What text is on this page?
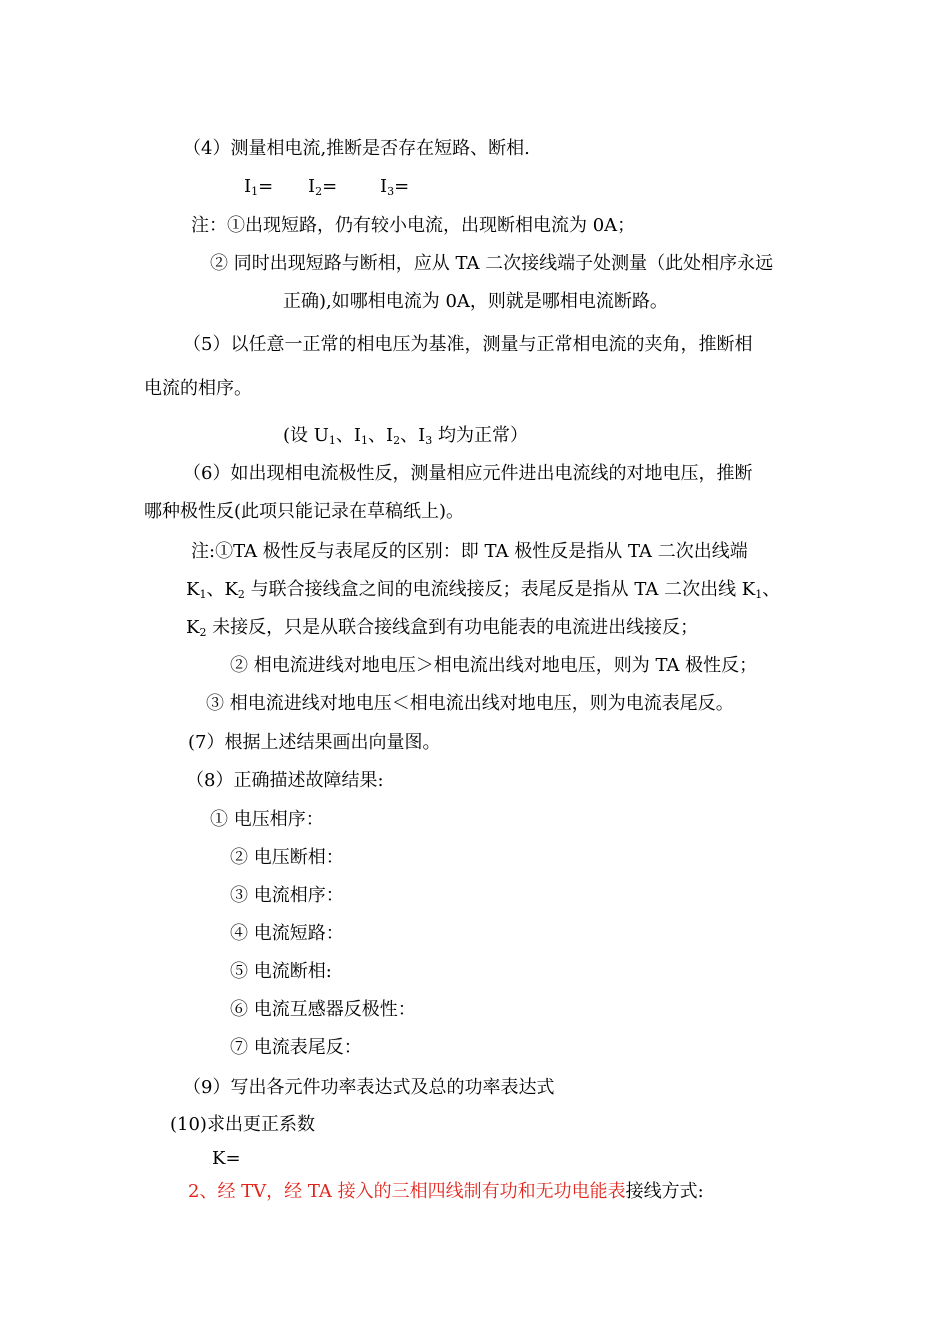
（4）测量相电流,推断是否存在短路、断相.
$I_1= I_2= I_3=$
注：①出现短路，仍有较小电流，出现断相电流为 0A；
② 同时出现短路与断相，应从 TA 二次接线端子处测量（此处相序永远
正确),如哪相电流为 0A，则就是哪相电流断路。
（5）以任意一正常的相电压为基准，测量与正常相电流的夹角，推断相
电流的相序。
(设 $U_1$、$I_1$、$I_2$、$I_3$ 均为正常）
（6）如出现相电流极性反，测量相应元件进出电流线的对地电压，推断
哪种极性反(此项只能记录在草稿纸上)。
注:①TA 极性反与表尾反的区别：即 TA 极性反是指从 TA 二次出线端
$K_1$、$K_2$ 与联合接线盒之间的电流线接反；表尾反是指从 TA 二次出线 $K_1$、
$K_2$ 未接反，只是从联合接线盒到有功电能表的电流进出线接反；
② 相电流进线对地电压＞相电流出线对地电压，则为 TA 极性反；
③ 相电流进线对地电压＜相电流出线对地电压，则为电流表尾反。
(7）根据上述结果画出向量图。
（8）正确描述故障结果:
① 电压相序：
② 电压断相：
③ 电流相序：
④ 电流短路：
⑤ 电流断相:
⑥ 电流互感器反极性：
⑦ 电流表尾反：
（9）写出各元件功率表达式及总的功率表达式
(10)求出更正系数
K=
2、经 TV，经 TA 接入的三相四线制有功和无功电能表接线方式:
